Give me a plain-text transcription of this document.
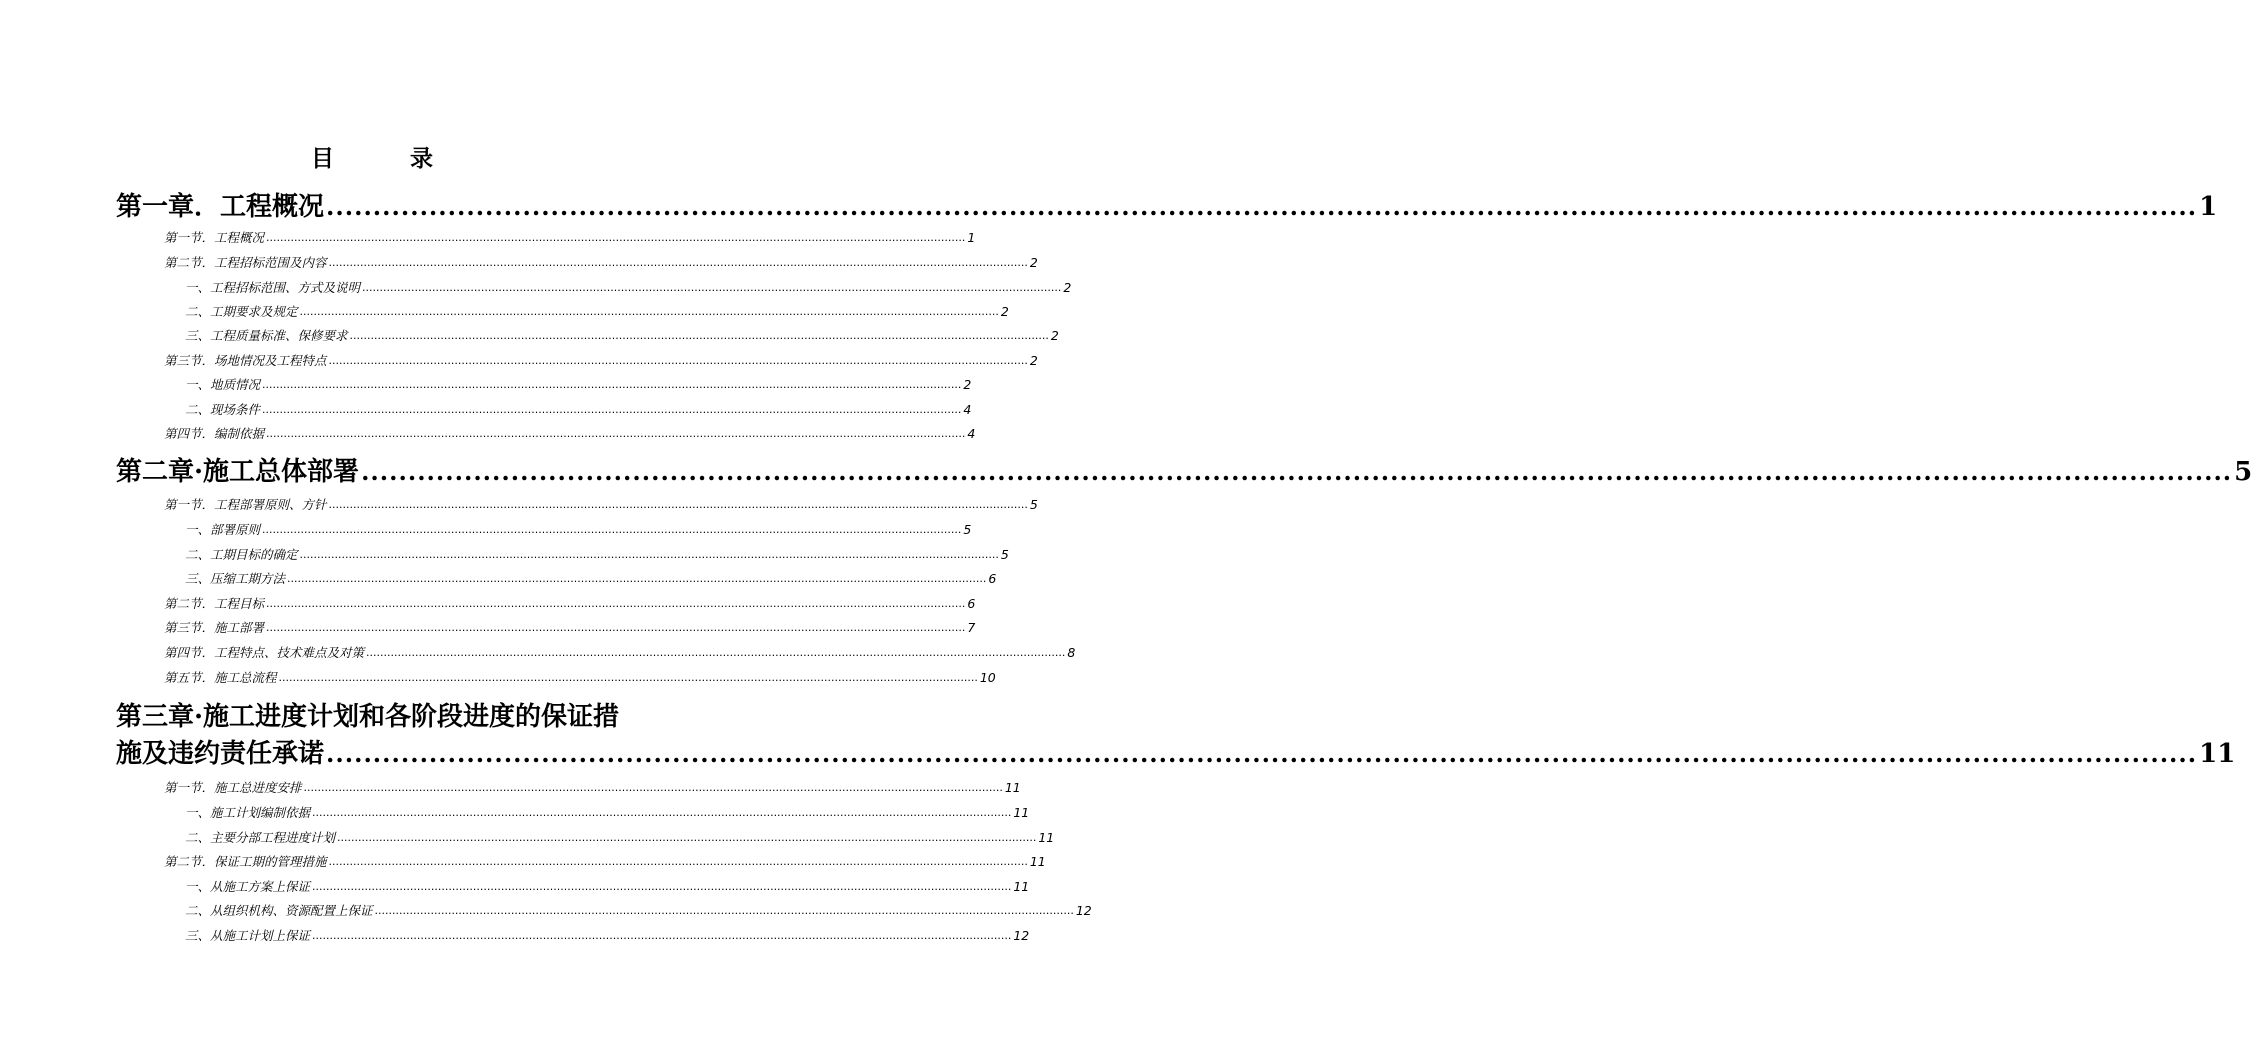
目 录
第一章．工程概况 ........................................................................................................................................................................................................ 1
第一节．工程概况 ........................................................................................................................................................................................................ 1
第二节．工程招标范围及内容 ........................................................................................................................................................................................................ 2
一、工程招标范围、方式及说明 ........................................................................................................................................................................................................ 2
二、工期要求及规定 ........................................................................................................................................................................................................ 2
三、工程质量标准、保修要求 ........................................................................................................................................................................................................ 2
第三节．场地情况及工程特点 ........................................................................................................................................................................................................ 2
一、地质情况 ........................................................................................................................................................................................................ 2
二、现场条件 ........................................................................................................................................................................................................ 4
第四节．编制依据 ........................................................................................................................................................................................................ 4
第二章·施工总体部署 ........................................................................................................................................................................................................ 5
第一节．工程部署原则、方针 ........................................................................................................................................................................................................ 5
一、部署原则 ........................................................................................................................................................................................................ 5
二、工期目标的确定 ........................................................................................................................................................................................................ 5
三、压缩工期方法 ........................................................................................................................................................................................................ 6
第二节．工程目标 ........................................................................................................................................................................................................ 6
第三节．施工部署 ........................................................................................................................................................................................................ 7
第四节．工程特点、技术难点及对策 ........................................................................................................................................................................................................ 8
第五节．施工总流程 ........................................................................................................................................................................................................ 10
第三章·施工进度计划和各阶段进度的保证措
施及违约责任承诺 ........................................................................................................................................................................................................ 11
第一节．施工总进度安排 ........................................................................................................................................................................................................ 11
一、施工计划编制依据 ........................................................................................................................................................................................................ 11
二、主要分部工程进度计划 ........................................................................................................................................................................................................ 11
第二节．保证工期的管理措施 ........................................................................................................................................................................................................ 11
一、从施工方案上保证 ........................................................................................................................................................................................................ 11
二、从组织机构、资源配置上保证 ........................................................................................................................................................................................................ 12
三、从施工计划上保证 ........................................................................................................................................................................................................ 12
